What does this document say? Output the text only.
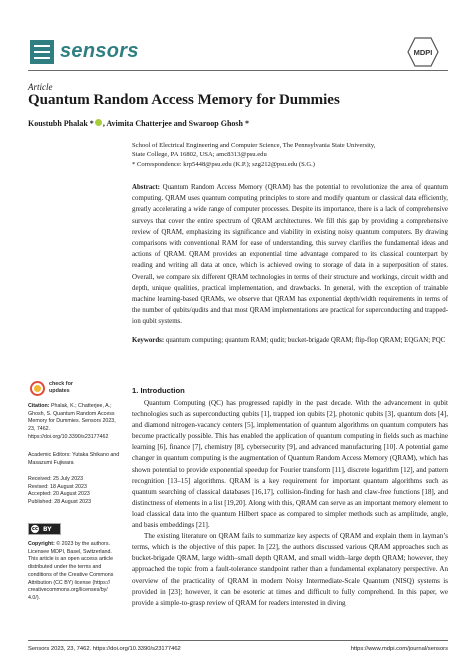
sensors	MDPI
Article
Quantum Random Access Memory for Dummies
Koustubh Phalak * , Avimita Chatterjee and Swaroop Ghosh *
School of Electrical Engineering and Computer Science, The Pennsylvania State University,
State College, PA 16802, USA; amc8313@psu.edu
* Correspondence: krp5448@psu.edu (K.P.); szg212@psu.edu (S.G.)
Abstract: Quantum Random Access Memory (QRAM) has the potential to revolutionize the area of quantum computing. QRAM uses quantum computing principles to store and modify quantum or classical data efficiently, greatly accelerating a wide range of computer processes. Despite its importance, there is a lack of comprehensive surveys that cover the entire spectrum of QRAM architectures. We fill this gap by providing a comprehensive review of QRAM, emphasizing its significance and viability in existing noisy quantum computers. By drawing comparisons with conventional RAM for ease of understanding, this survey clarifies the fundamental ideas and actions of QRAM. QRAM provides an exponential time advantage compared to its classical counterpart by reading and writing all data at once, which is achieved owing to storage of data in a superposition of states. Overall, we compare six different QRAM technologies in terms of their structure and workings, circuit width and depth, unique qualities, practical implementation, and drawbacks. In general, with the exception of trainable machine learning-based QRAMs, we observe that QRAM has exponential depth/width requirements in terms of the number of qubits/qudits and that most QRAM implementations are practical for superconducting and trapped-ion qubit systems.
Keywords: quantum computing; quantum RAM; qudit; bucket-brigade QRAM; flip-flop QRAM; EQGAN; PQC
check for
updates
Citation: Phalak, K.; Chatterjee, A.; Ghosh, S. Quantum Random Access Memory for Dummies. Sensors 2023, 23, 7462. https://doi.org/10.3390/s23177462
Academic Editors: Yutaka Shikano and Masazumi Fujiwara
Received: 25 July 2023
Revised: 18 August 2023
Accepted: 20 August 2023
Published: 28 August 2023
cc BY
Copyright: © 2023 by the authors. Licensee MDPI, Basel, Switzerland. This article is an open access article distributed under the terms and conditions of the Creative Commons Attribution (CC BY) license (https:// creativecommons.org/licenses/by/ 4.0/).
1. Introduction

Quantum Computing (QC) has progressed rapidly in the past decade. With the advancement in qubit technologies such as superconducting qubits [1], trapped ion qubits [2], photonic qubits [3], quantum dots [4], and diamond nitrogen-vacancy centers [5], implementation of quantum algorithms on quantum computers has become practically possible. This has enabled the application of quantum computing in fields such as machine learning [6], finance [7], chemistry [8], cybersecurity [9], and advanced manufacturing [10]. A potential game changer in quantum computing is the augmentation of Quantum Random Access Memory (QRAM), which has shown potential to provide exponential speedup for Fourier transform [11], discrete logarithm [12], and pattern recognition [13–15] algorithms. QRAM is a key requirement for important quantum algorithms such as quantum searching of classical databases [16,17], collision-finding for hash and claw-free functions [18], and distinctness of elements in a list [19,20]. Along with this, QRAM can serve as an important memory element to load classical data into the quantum Hilbert space as compared to simpler methods such as amplitude, angle, and basis embeddings [21].

The existing literature on QRAM fails to summarize key aspects of QRAM and explain them in layman’s terms, which is the objective of this paper. In [22], the authors discussed various QRAM approaches such as bucket-brigade QRAM, large width–small depth QRAM, and small width–large depth QRAM; however, they approached the topic from a fault-tolerance standpoint rather than a fundamental explanatory perspective. An overview of the practicality of QRAM in modern Noisy Intermediate-Scale Quantum (NISQ) systems is provided in [23]; however, it can be esoteric at times and difficult to fully comprehend. In this paper, we provide a simple-to-grasp review of QRAM for readers interested in diving

Sensors 2023, 23, 7462. https://doi.org/10.3390/s23177462	https://www.mdpi.com/journal/sensors
